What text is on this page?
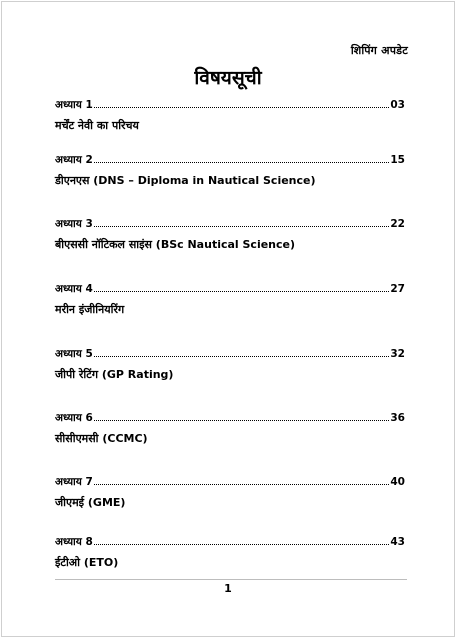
शिपिंग अपडेट
विषयसूची
अध्याय 1	03
मर्चेंट नेवी का परिचय
अध्याय 2	15
डीएनएस (DNS – Diploma in Nautical Science)
अध्याय 3	22
बीएससी नॉटिकल साइंस (BSc Nautical Science)
अध्याय 4	27
मरीन इंजीनियरिंग
अध्याय 5	32
जीपी रेटिंग (GP Rating)
अध्याय 6	36
सीसीएमसी (CCMC)
अध्याय 7	40
जीएमई (GME)
अध्याय 8	43
ईटीओ (ETO)
1
